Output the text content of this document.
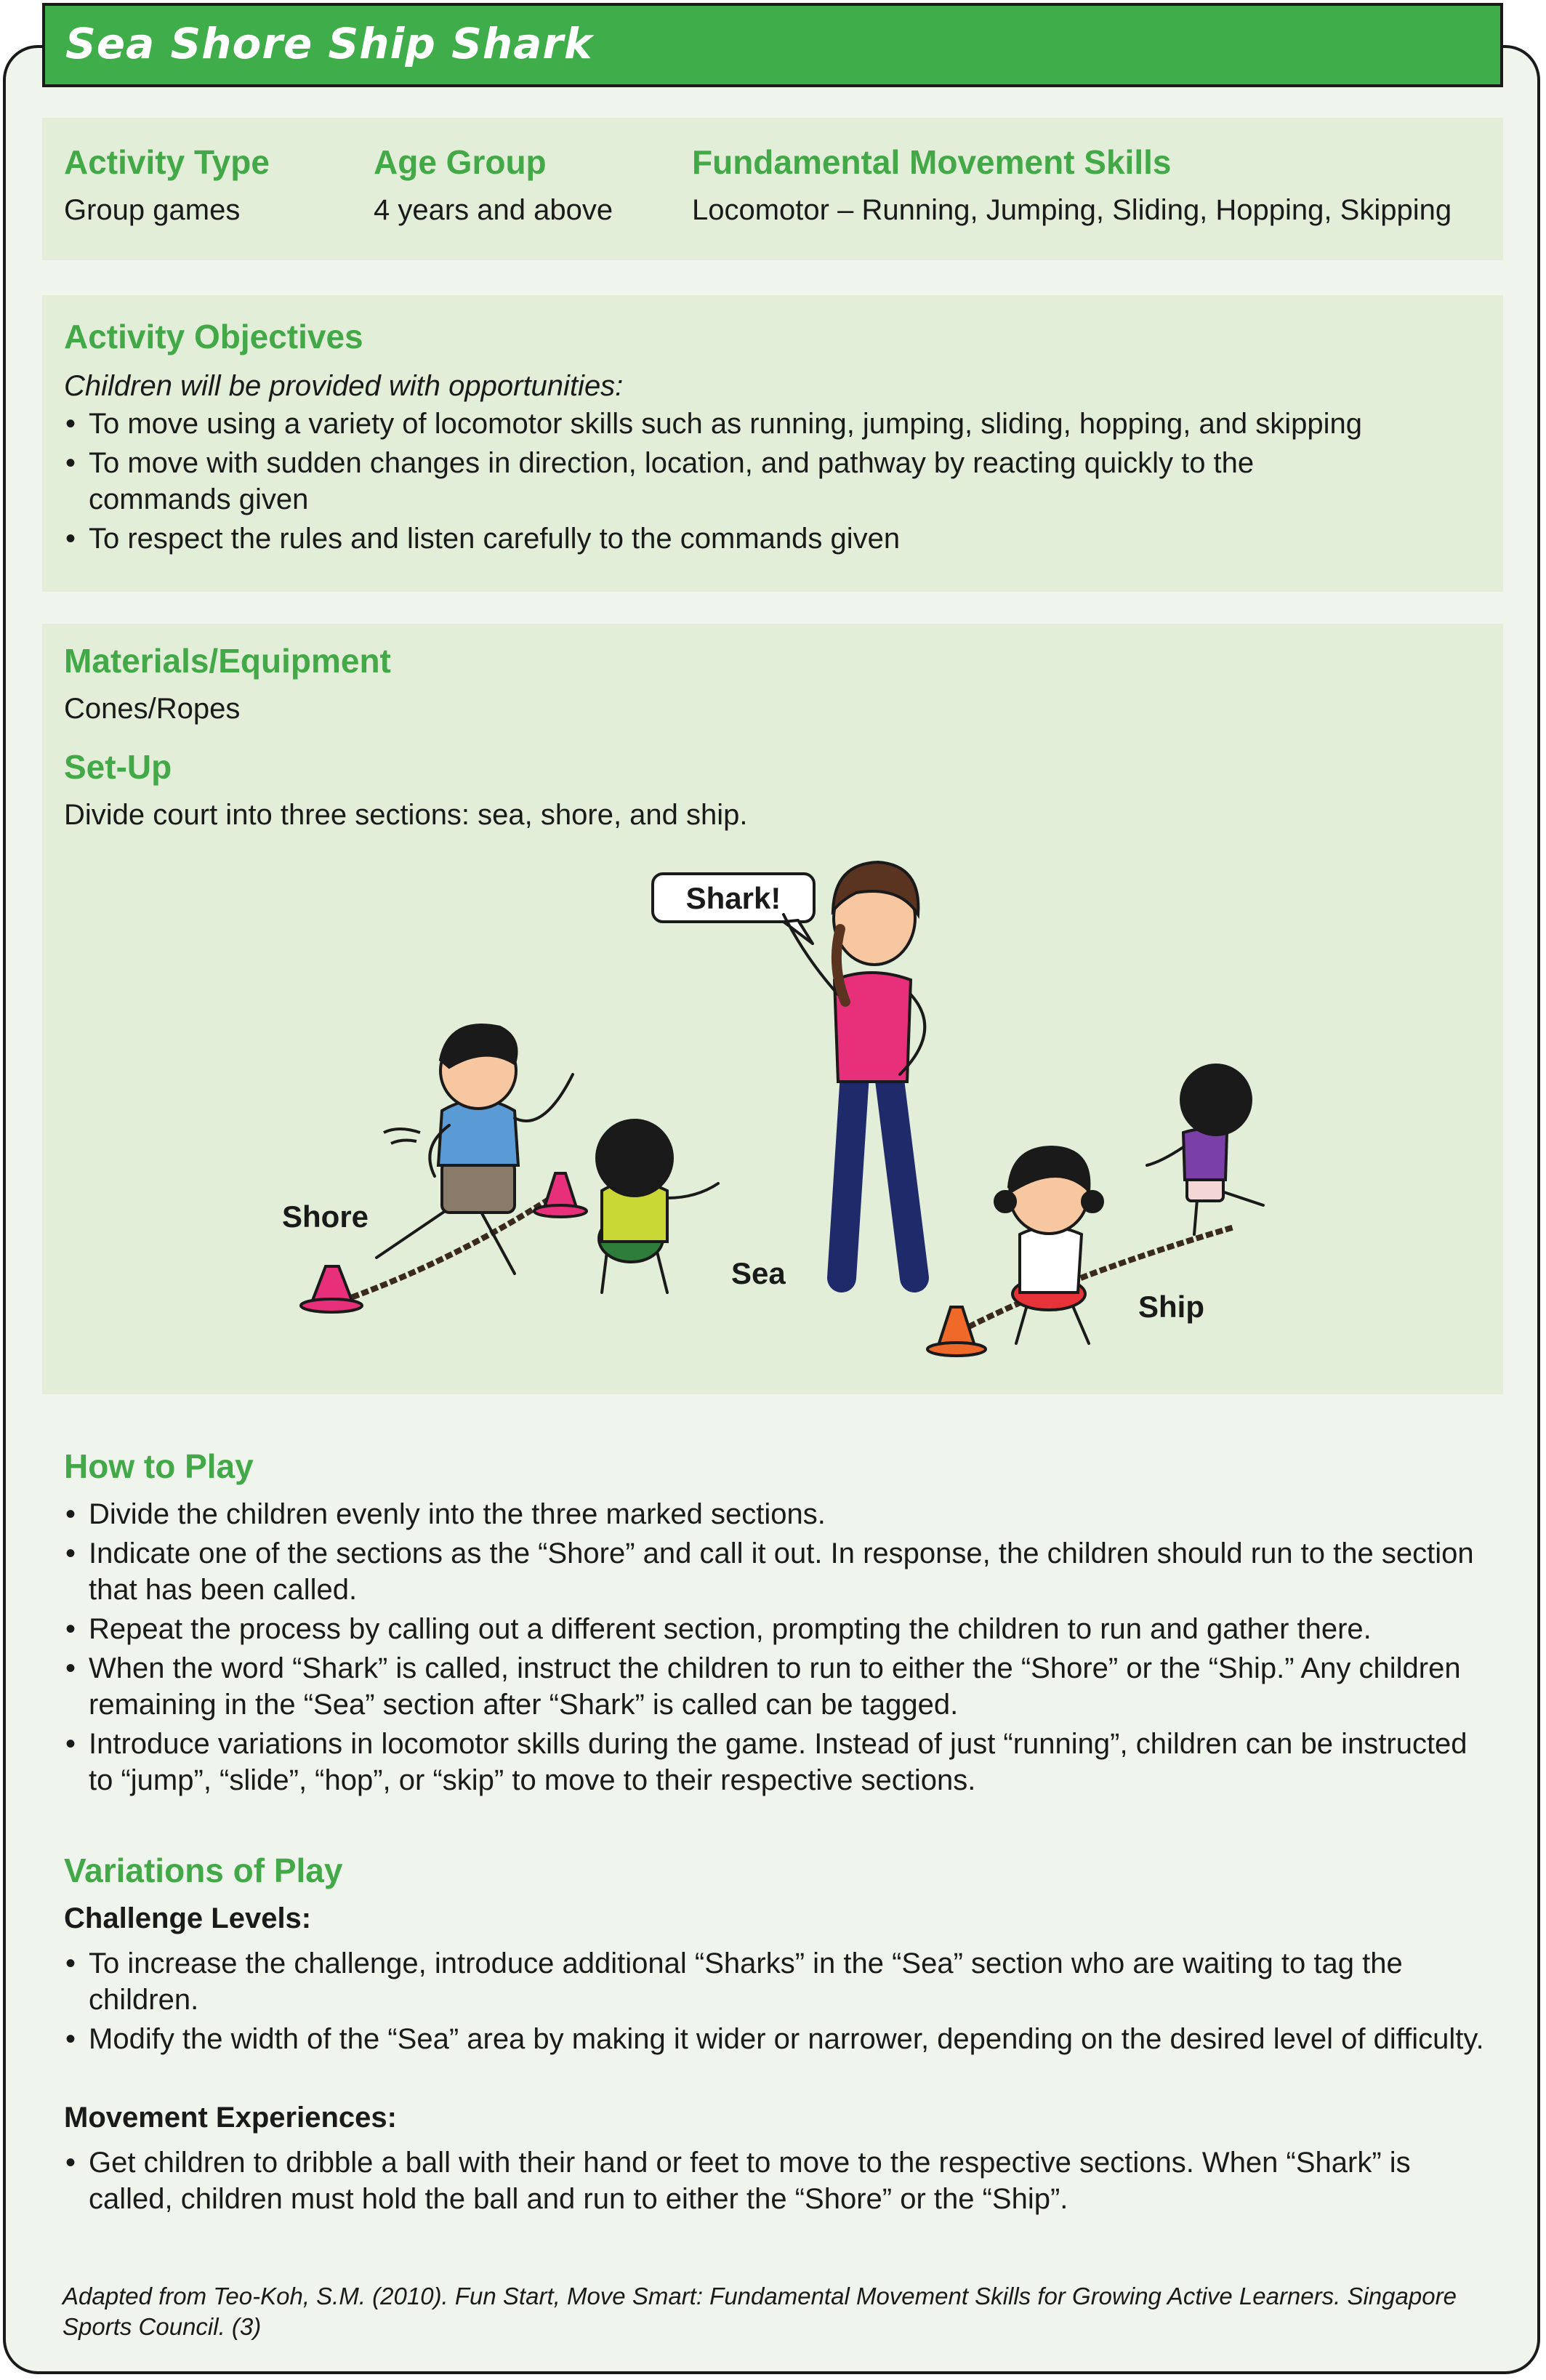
Sea Shore Ship Shark
Activity Type

Group games

Age Group

4 years and above

Fundamental Movement Skills

Locomotor – Running, Jumping, Sliding, Hopping, Skipping

Activity Objectives

Children will be provided with opportunities:

• To move using a variety of locomotor skills such as running, jumping, sliding, hopping, and skipping
• To move with sudden changes in direction, location, and pathway by reacting quickly to the commands given
• To respect the rules and listen carefully to the commands given
Materials/Equipment

Cones/Ropes

Set-Up

Divide court into three sections: sea, shore, and ship.

Shark!
Shore
Sea
Ship
How to Play
• Divide the children evenly into the three marked sections.
• Indicate one of the sections as the “Shore” and call it out. In response, the children should run to the section that has been called.
• Repeat the process by calling out a different section, prompting the children to run and gather there.
• When the word “Shark” is called, instruct the children to run to either the “Shore” or the “Ship.” Any children remaining in the “Sea” section after “Shark” is called can be tagged.
• Introduce variations in locomotor skills during the game. Instead of just “running”, children can be instructed to “jump”, “slide”, “hop”, or “skip” to move to their respective sections.
Variations of Play

Challenge Levels:

• To increase the challenge, introduce additional “Sharks” in the “Sea” section who are waiting to tag the children.
• Modify the width of the “Sea” area by making it wider or narrower, depending on the desired level of difficulty.

Movement Experiences:

• Get children to dribble a ball with their hand or feet to move to the respective sections. When “Shark” is called, children must hold the ball and run to either the “Shore” or the “Ship”.

Adapted from Teo-Koh, S.M. (2010). Fun Start, Move Smart: Fundamental Movement Skills for Growing Active Learners. Singapore Sports Council. (3)
